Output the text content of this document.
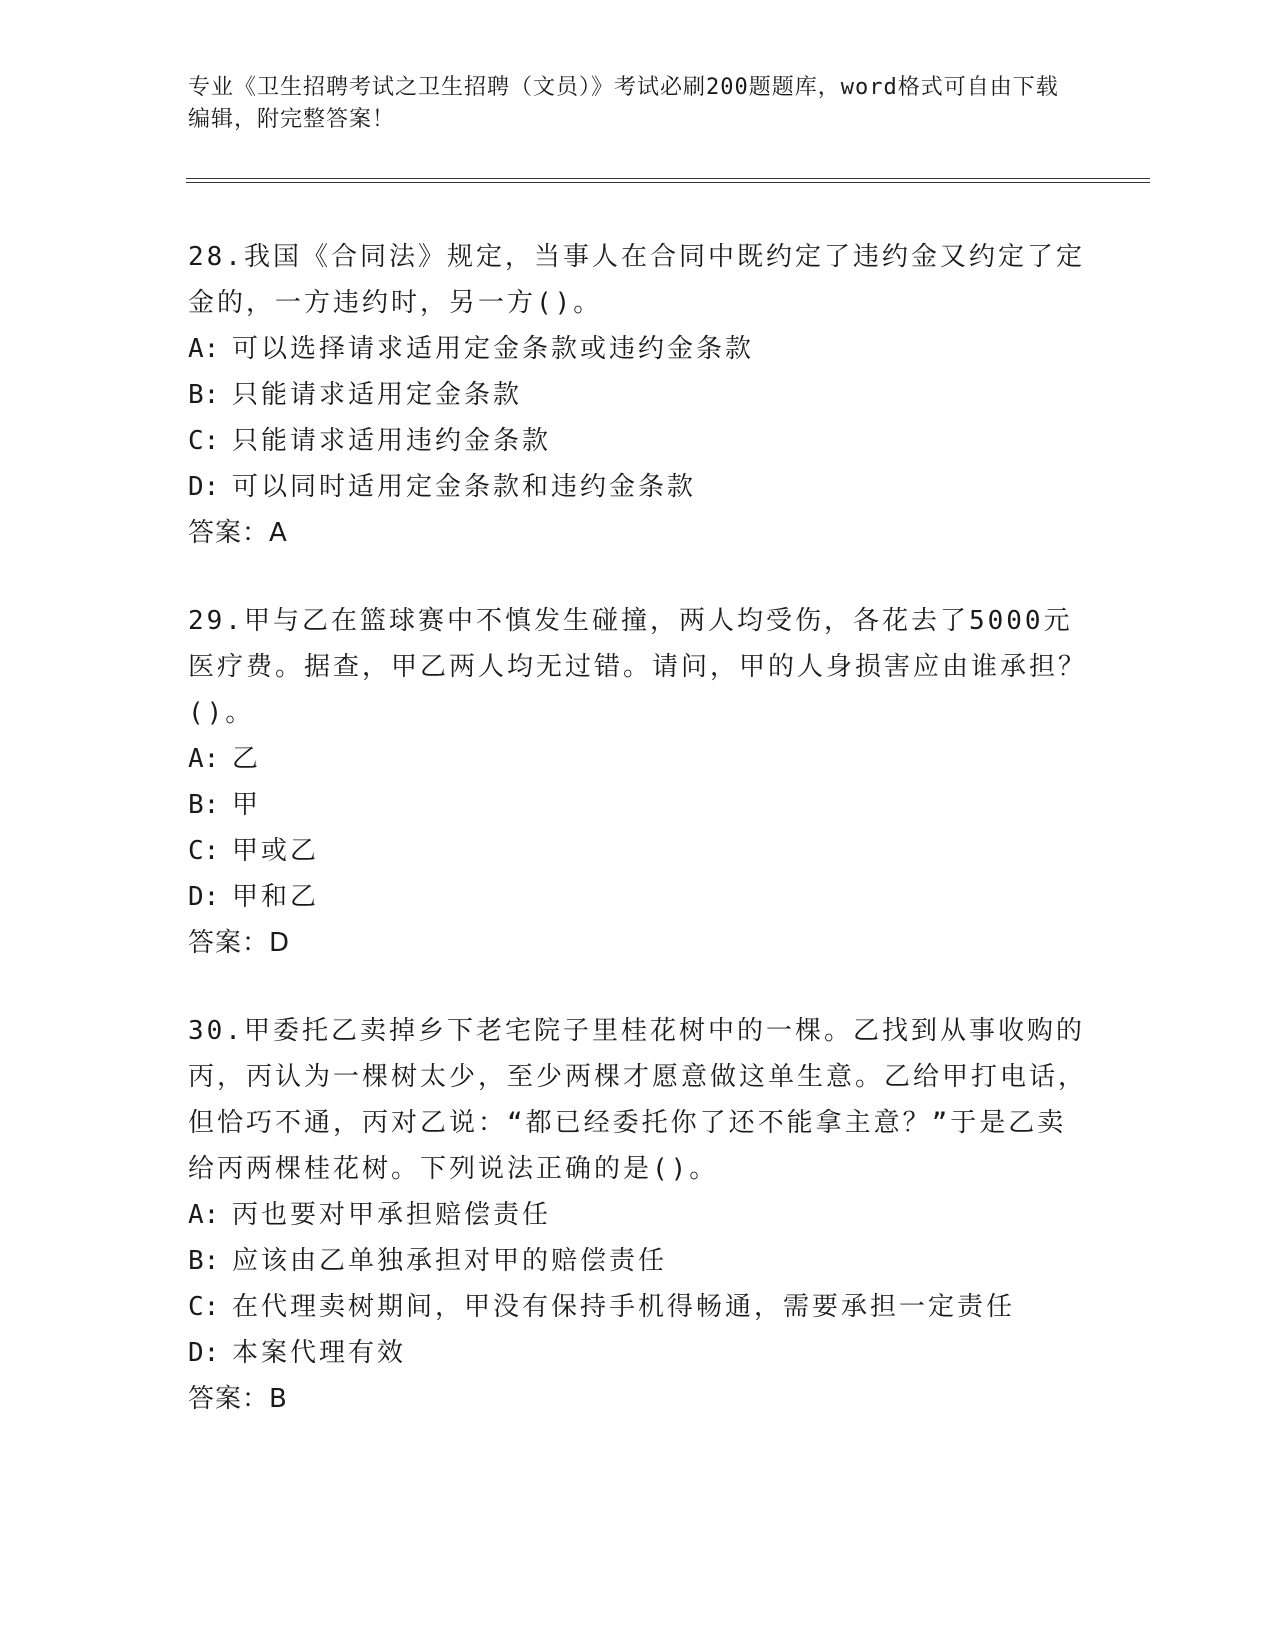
专业《卫生招聘考试之卫生招聘（文员）》考试必刷200题题库，word格式可自由下载编辑，附完整答案！
28.我国《合同法》规定，当事人在合同中既约定了违约金又约定了定金的，一方违约时，另一方()。
A: 可以选择请求适用定金条款或违约金条款
B: 只能请求适用定金条款
C: 只能请求适用违约金条款
D: 可以同时适用定金条款和违约金条款
答案：A
29.甲与乙在篮球赛中不慎发生碰撞，两人均受伤，各花去了5000元医疗费。据查，甲乙两人均无过错。请问，甲的人身损害应由谁承担？()。
A: 乙
B: 甲
C: 甲或乙
D: 甲和乙
答案：D
30.甲委托乙卖掉乡下老宅院子里桂花树中的一棵。乙找到从事收购的丙，丙认为一棵树太少，至少两棵才愿意做这单生意。乙给甲打电话，但恰巧不通，丙对乙说：“都已经委托你了还不能拿主意？”于是乙卖给丙两棵桂花树。下列说法正确的是()。
A: 丙也要对甲承担赔偿责任
B: 应该由乙单独承担对甲的赔偿责任
C: 在代理卖树期间，甲没有保持手机得畅通，需要承担一定责任
D: 本案代理有效
答案：B
